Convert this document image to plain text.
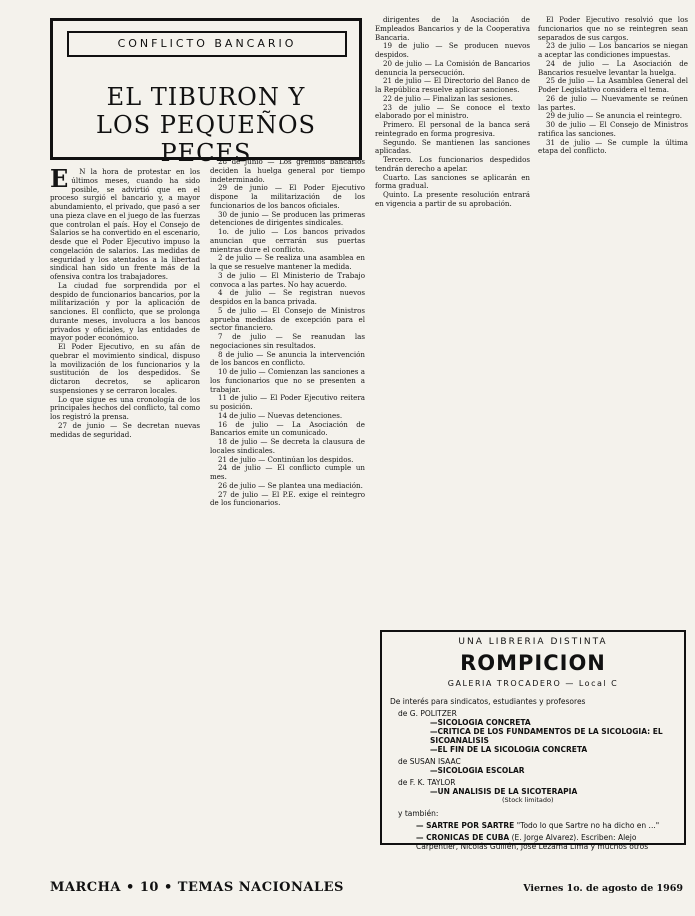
CONFLICTO BANCARIO
EL TIBURON Y
LOS PEQUEÑOS PECES
E	N la hora de protestar en los últimos meses, cuando ha sido posible, se advirtió que en el proceso surgió el bancario y, a mayor abundamiento, el privado, que pasó a ser una pieza clave en el juego de las fuerzas que controlan el país. Hoy el Consejo de Salarios se ha convertido en el escenario, desde que el Poder Ejecutivo impuso la congelación de salarios. Las medidas de seguridad y los atentados a la libertad sindical han sido un frente más de la ofensiva contra los trabajadores.

La ciudad fue sorprendida por el despido de funcionarios bancarios, por la militarización y por la aplicación de sanciones. El conflicto, que se prolonga durante meses, involucra a los bancos privados y oficiales, y las entidades de mayor poder económico.

El Poder Ejecutivo, en su afán de quebrar el movimiento sindical, dispuso la movilización de los funcionarios y la sustitución de los despedidos. Se dictaron decretos, se aplicaron suspensiones y se cerraron locales.

Lo que sigue es una cronología de los principales hechos del conflicto, tal como los registró la prensa.

27 de junio — Se decretan nuevas medidas de seguridad.

28 de junio — Los gremios bancarios deciden la huelga general por tiempo indeterminado.

29 de junio — El Poder Ejecutivo dispone la militarización de los funcionarios de los bancos oficiales.

30 de junio — Se producen las primeras detenciones de dirigentes sindicales.

1o. de julio — Los bancos privados anuncian que cerrarán sus puertas mientras dure el conflicto.

2 de julio — Se realiza una asamblea en la que se resuelve mantener la medida.

3 de julio — El Ministerio de Trabajo convoca a las partes. No hay acuerdo.

4 de julio — Se registran nuevos despidos en la banca privada.

5 de julio — El Consejo de Ministros aprueba medidas de excepción para el sector financiero.

7 de julio — Se reanudan las negociaciones sin resultados.

8 de julio — Se anuncia la intervención de los bancos en conflicto.

10 de julio — Comienzan las sanciones a los funcionarios que no se presenten a trabajar.

11 de julio — El Poder Ejecutivo reitera su posición.

14 de julio — Nuevas detenciones.

16 de julio — La Asociación de Bancarios emite un comunicado.

18 de julio — Se decreta la clausura de locales sindicales.

21 de julio — Continúan los despidos.

24 de julio — El conflicto cumple un mes.

26 de julio — Se plantea una mediación.

27 de julio — El P.E. exige el reintegro de los funcionarios.

dirigentes de la Asociación de Empleados Bancarios y de la Cooperativa Bancaria.

19 de julio — Se producen nuevos despidos.

20 de julio — La Comisión de Bancarios denuncia la persecución.

21 de julio — El Directorio del Banco de la República resuelve aplicar sanciones.

22 de julio — Finalizan las sesiones.

23 de julio — Se conoce el texto elaborado por el ministro.

Primero. El personal de la banca será reintegrado en forma progresiva.

Segundo. Se mantienen las sanciones aplicadas.

Tercero. Los funcionarios despedidos tendrán derecho a apelar.

Cuarto. Las sanciones se aplicarán en forma gradual.

Quinto. La presente resolución entrará en vigencia a partir de su aprobación.

El Poder Ejecutivo resolvió que los funcionarios que no se reintegren sean separados de sus cargos.

23 de julio — Los bancarios se niegan a aceptar las condiciones impuestas.

24 de julio — La Asociación de Bancarios resuelve levantar la huelga.

25 de julio — La Asamblea General del Poder Legislativo considera el tema.

26 de julio — Nuevamente se reúnen las partes.

29 de julio — Se anuncia el reintegro.

30 de julio — El Consejo de Ministros ratifica las sanciones.

31 de julio — Se cumple la última etapa del conflicto.

UNA LIBRERIA DISTINTA
ROMPICION
GALERIA TROCADERO — Local C
De interés para sindicatos, estudiantes y profesores
de G. POLITZER
—SICOLOGIA CONCRETA
—CRITICA DE LOS FUNDAMENTOS DE LA SICOLOGIA: EL SICOANALISIS
—EL FIN DE LA SICOLOGIA CONCRETA
de SUSAN ISAAC
—SICOLOGIA ESCOLAR
de F. K. TAYLOR
—UN ANALISIS DE LA SICOTERAPIA
(Stock limitado)
y también:
— SARTRE POR SARTRE "Todo lo que Sartre no ha dicho en ..."
— CRONICAS DE CUBA (E. Jorge Alvarez). Escriben: Alejo Carpentier, Nicolás Guillén, José Lezama Lima y muchos otros
MARCHA • 10 • TEMAS NACIONALES	Viernes 1o. de agosto de 1969
